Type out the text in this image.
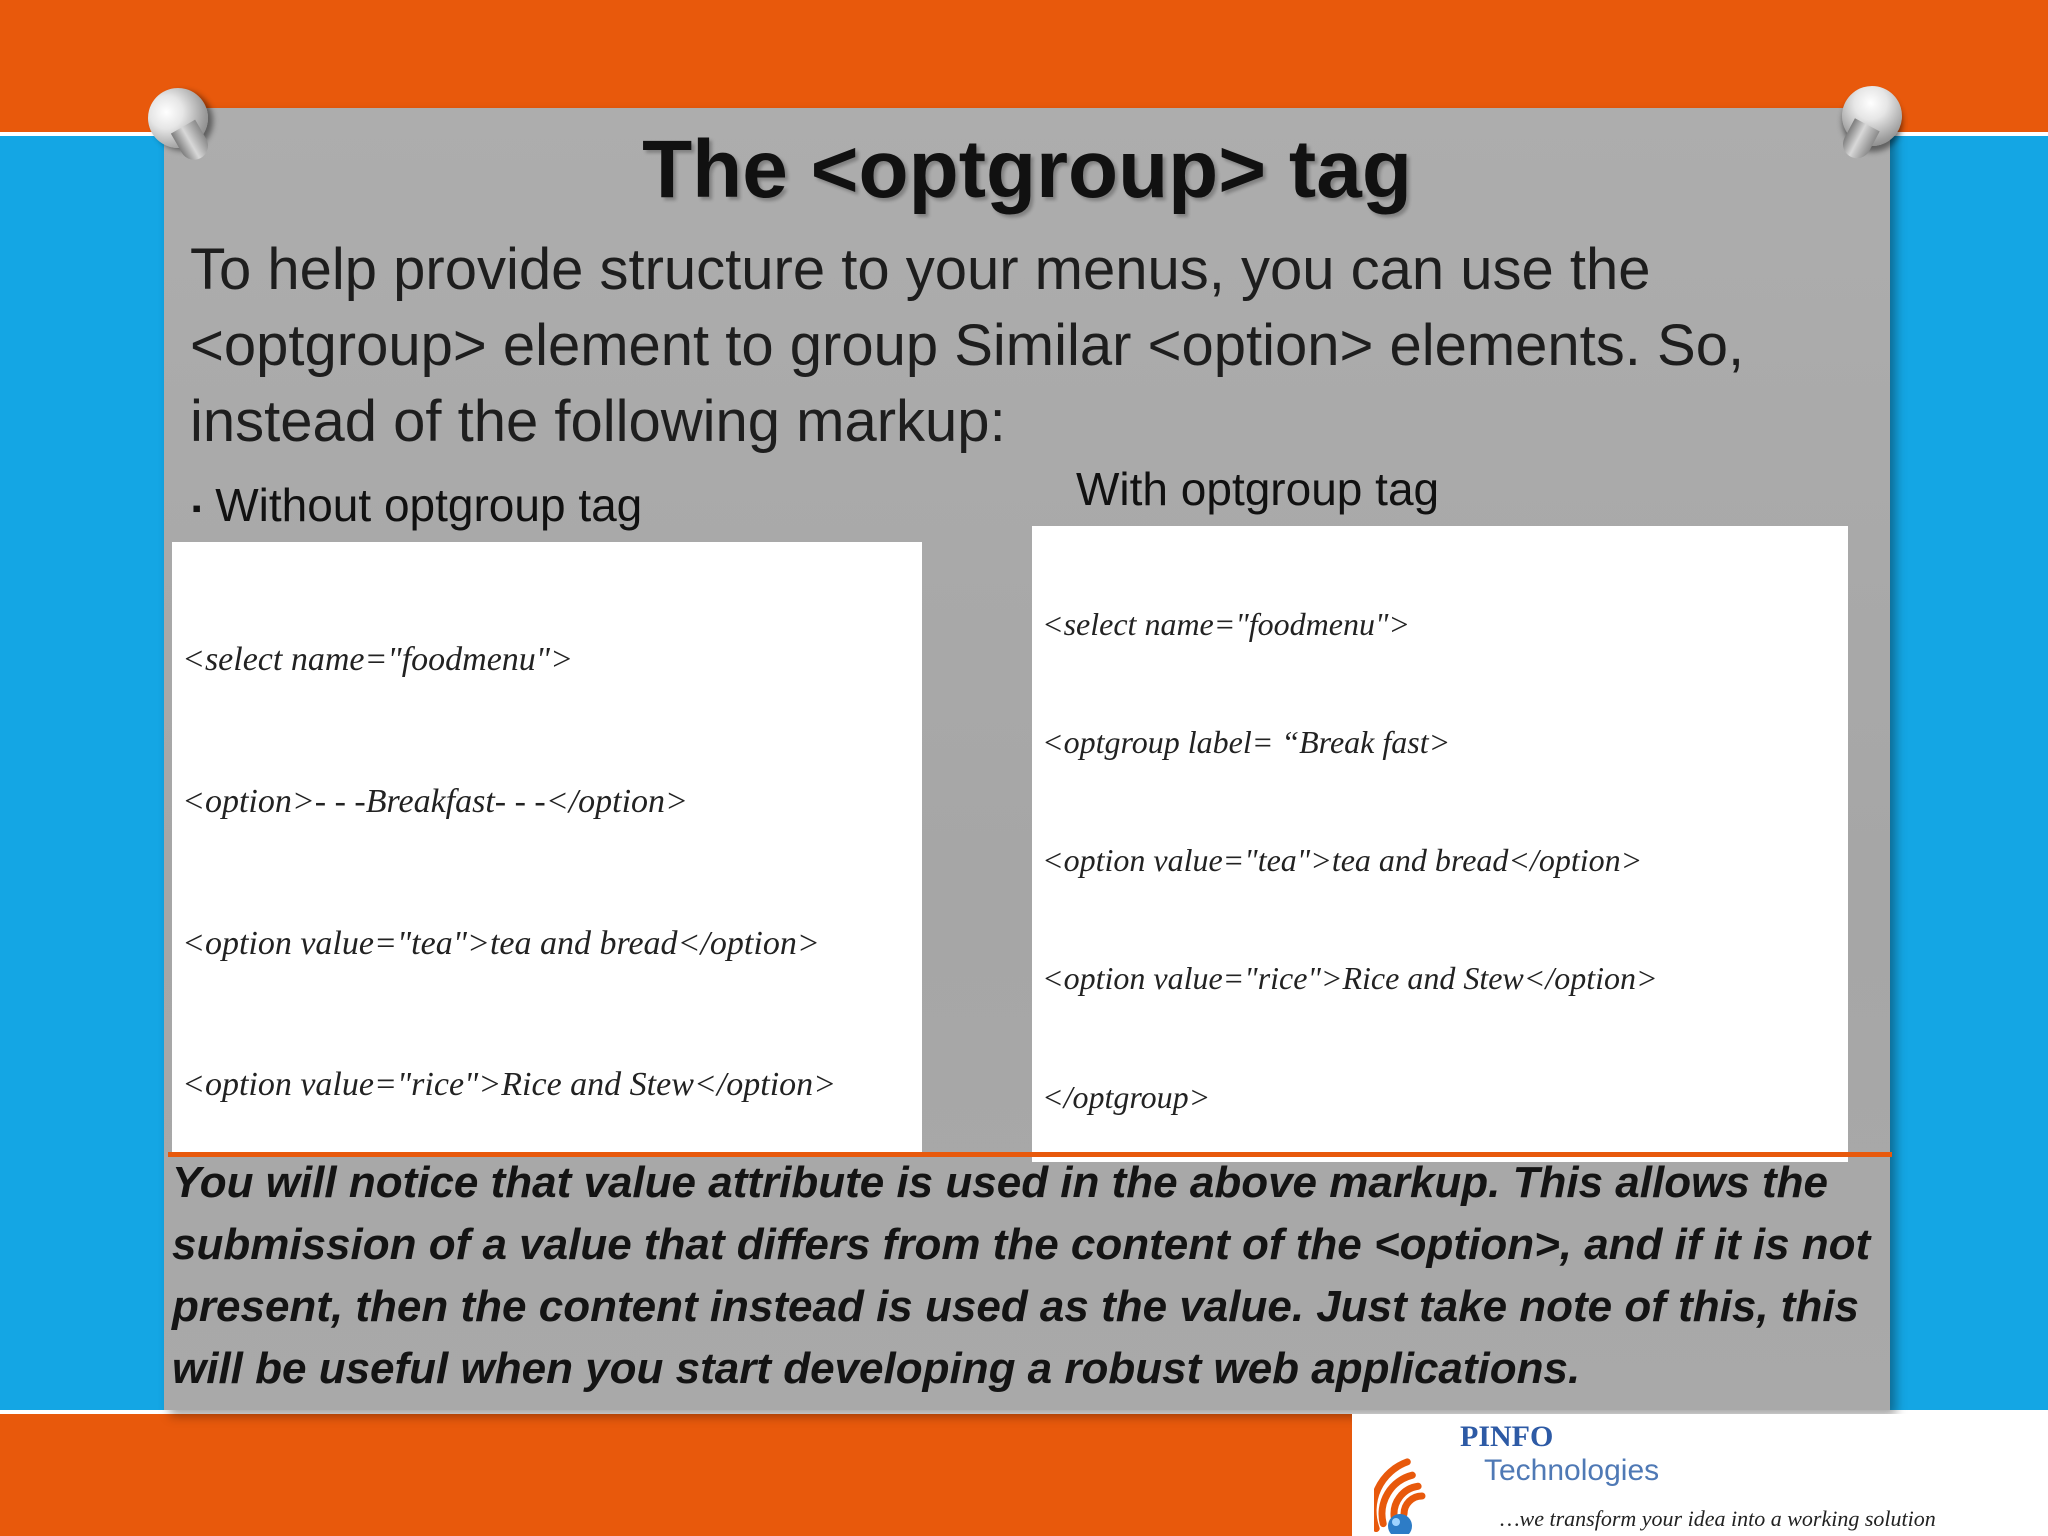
The <optgroup> tag

To help provide structure to your menus, you can use the <optgroup> element to group Similar <option> elements. So, instead of the following markup:

▪ Without optgroup tag	With optgroup tag

<select name="foodmenu">

<option>- - -Breakfast- - -</option>

<option value="tea">tea and bread</option>

<option value="rice">Rice and Stew</option>

<select name="foodmenu">

<optgroup label= “Break fast>

<option value="tea">tea and bread</option>

<option value="rice">Rice and Stew</option>

</optgroup>

You will notice that value attribute is used in the above markup. This allows the submission of a value that differs from the content of the <option>, and if it is not present, then the content instead is used as the value. Just take note of this, this will be useful when you start developing a robust web applications.

PINFO
Technologies
…we transform your idea into a working solution
